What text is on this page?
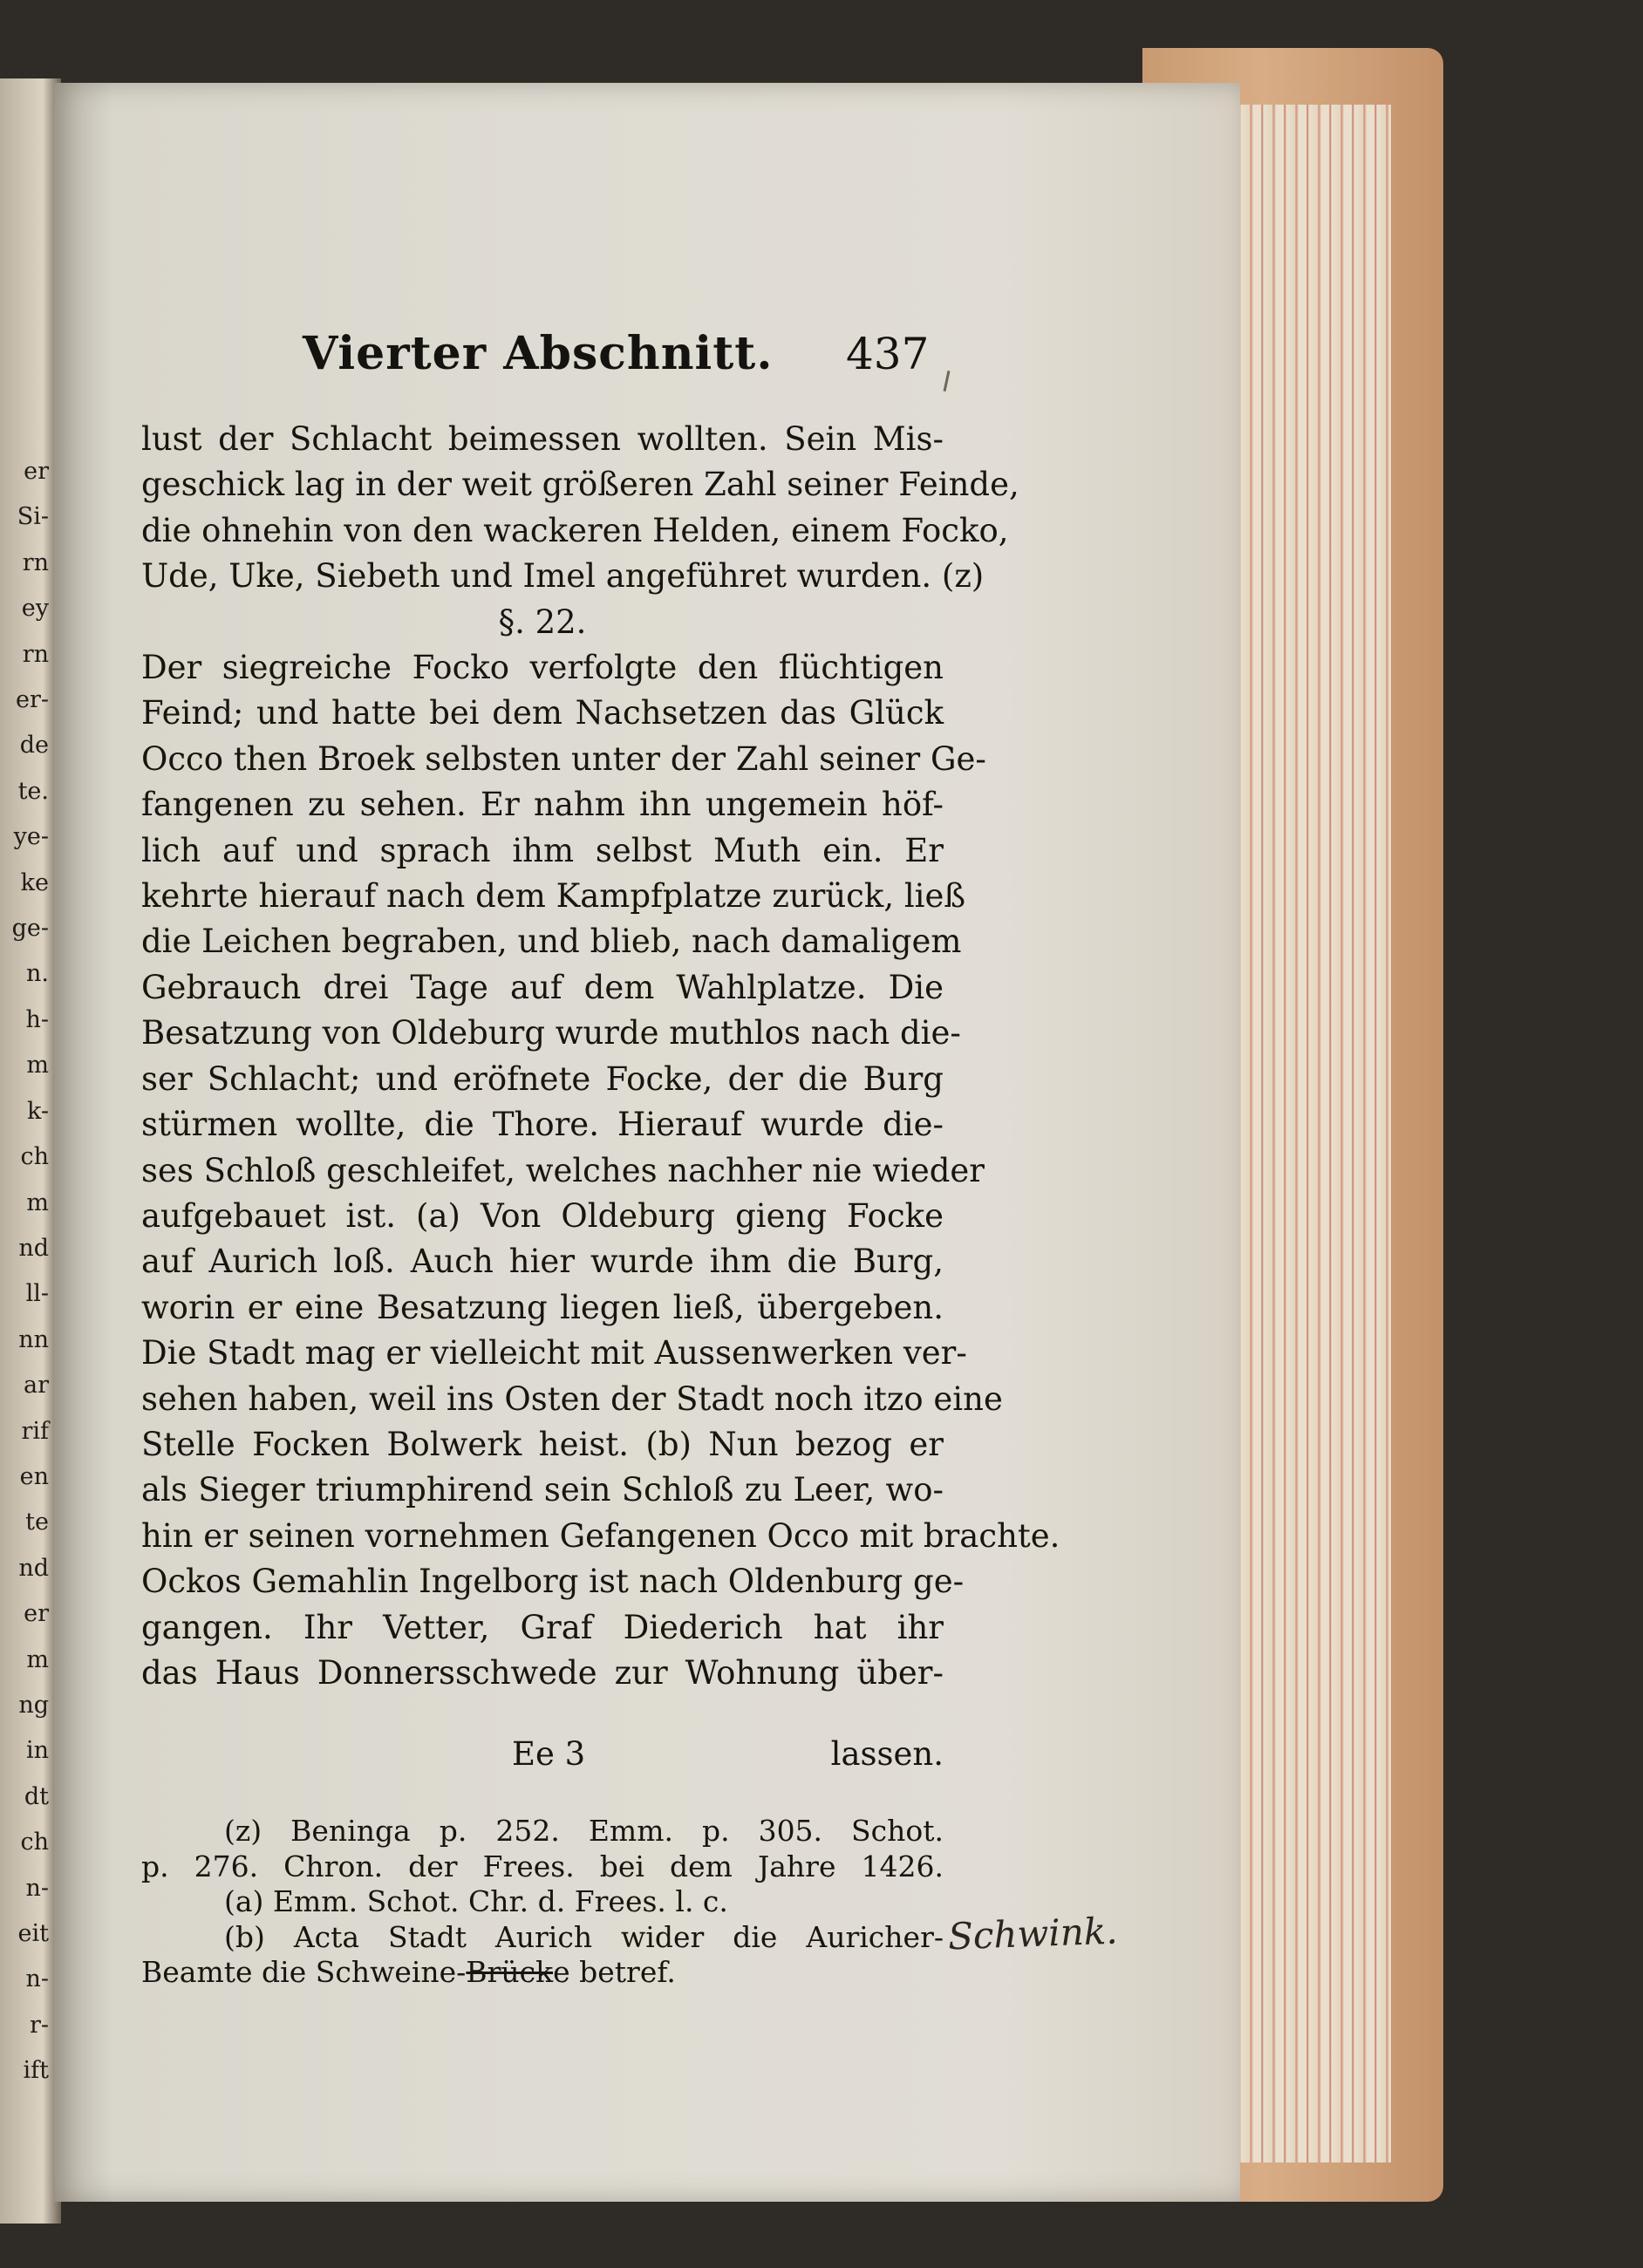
er
Si-
rn
ey
rn
er-
de
te.
ye-
ke
ge-
n.
h-
m
k-
ch
m
nd
ll-
nn
ar
rif
en
te
nd
er
m
ng
in
dt
ch
n-
eit
n-
r-
ift
Vierter Abschnitt. 437
lust der Schlacht beimessen wollten. Sein Mis-
geschick lag in der weit größeren Zahl seiner Feinde,
die ohnehin von den wackeren Helden, einem Focko,
Ude, Uke, Siebeth und Imel angeführet wurden. (z)
§. 22.
Der siegreiche Focko verfolgte den flüchtigen
Feind; und hatte bei dem Nachsetzen das Glück
Occo then Broek selbsten unter der Zahl seiner Ge-
fangenen zu sehen. Er nahm ihn ungemein höf-
lich auf und sprach ihm selbst Muth ein. Er
kehrte hierauf nach dem Kampfplatze zurück, ließ
die Leichen begraben, und blieb, nach damaligem
Gebrauch drei Tage auf dem Wahlplatze. Die
Besatzung von Oldeburg wurde muthlos nach die-
ser Schlacht; und eröfnete Focke, der die Burg
stürmen wollte, die Thore. Hierauf wurde die-
ses Schloß geschleifet, welches nachher nie wieder
aufgebauet ist. (a) Von Oldeburg gieng Focke
auf Aurich loß. Auch hier wurde ihm die Burg,
worin er eine Besatzung liegen ließ, übergeben.
Die Stadt mag er vielleicht mit Aussenwerken ver-
sehen haben, weil ins Osten der Stadt noch itzo eine
Stelle Focken Bolwerk heist. (b) Nun bezog er
als Sieger triumphirend sein Schloß zu Leer, wo-
hin er seinen vornehmen Gefangenen Occo mit brachte.
Ockos Gemahlin Ingelborg ist nach Oldenburg ge-
gangen. Ihr Vetter, Graf Diederich hat ihr
das Haus Donnersschwede zur Wohnung über-
Ee 3	lassen.
(z) Beninga p. 252. Emm. p. 305. Schot.
p. 276. Chron. der Frees. bei dem Jahre 1426.
(a) Emm. Schot. Chr. d. Frees. l. c.
(b) Acta Stadt Aurich wider die Auricher-
Beamte die Schweine-Brücke betref.
Schwink.
